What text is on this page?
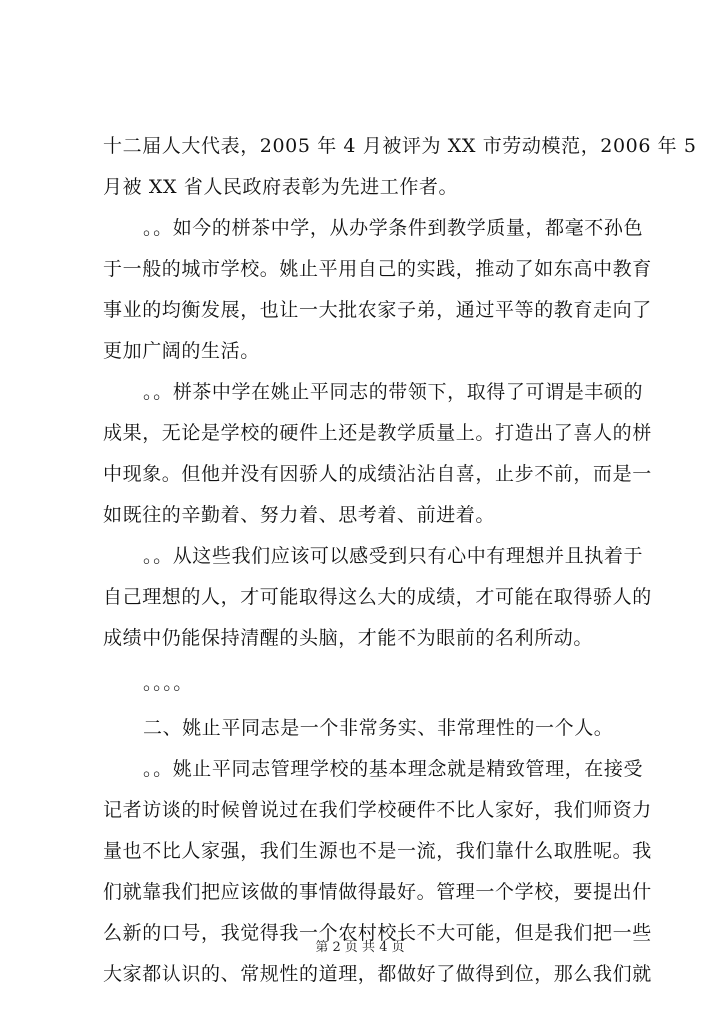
十二届人大代表，2005 年 4 月被评为 XX 市劳动模范，2006 年 5
月被 XX 省人民政府表彰为先进工作者。
。。如今的栟茶中学，从办学条件到教学质量，都毫不孙色
于一般的城市学校。姚止平用自己的实践，推动了如东高中教育
事业的均衡发展，也让一大批农家子弟，通过平等的教育走向了
更加广阔的生活。
。。栟茶中学在姚止平同志的带领下，取得了可谓是丰硕的
成果，无论是学校的硬件上还是教学质量上。打造出了喜人的栟
中现象。但他并没有因骄人的成绩沾沾自喜，止步不前，而是一
如既往的辛勤着、努力着、思考着、前进着。
。。从这些我们应该可以感受到只有心中有理想并且执着于
自己理想的人，才可能取得这么大的成绩，才可能在取得骄人的
成绩中仍能保持清醒的头脑，才能不为眼前的名利所动。
。。。。
二、姚止平同志是一个非常务实、非常理性的一个人。
。。姚止平同志管理学校的基本理念就是精致管理，在接受
记者访谈的时候曾说过在我们学校硬件不比人家好，我们师资力
量也不比人家强，我们生源也不是一流，我们靠什么取胜呢。我
们就靠我们把应该做的事情做得最好。管理一个学校，要提出什
么新的口号，我觉得我一个农村校长不大可能，但是我们把一些
大家都认识的、常规性的道理，都做好了做得到位，那么我们就
第 2 页 共 4 页
